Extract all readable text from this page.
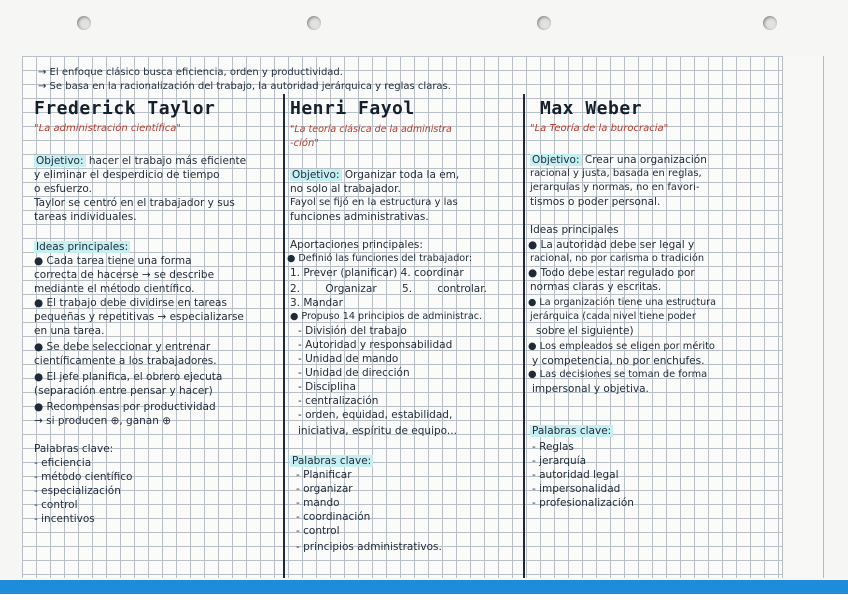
→ El enfoque clásico busca eficiencia, orden y productividad.
→ Se basa en la racionalización del trabajo, la autoridad jerárquica y reglas claras.
Frederick Taylor
"La administración científica"
Objetivo: hacer el trabajo más eficiente
y eliminar el desperdicio de tiempo
o esfuerzo.
Taylor se centró en el trabajador y sus
tareas individuales.
Ideas principales:
● Cada tarea tiene una forma
correcta de hacerse → se describe
mediante el método científico.
● El trabajo debe dividirse en tareas
pequeñas y repetitivas → especializarse
en una tarea.
● Se debe seleccionar y entrenar
científicamente a los trabajadores.
● El jefe planifica, el obrero ejecuta
(separación entre pensar y hacer)
● Recompensas por productividad
→ si producen ⊕, ganan ⊕
Palabras clave:
- eficiencia
- método científico
- especialización
- control
- incentivos
Henri Fayol
"La teoría clásica de la administra
-ción"
Objetivo: Organizar toda la em,
no solo al trabajador.
Fayol se fijó en la estructura y las
funciones administrativas.
Aportaciones principales:
● Definió las funciones del trabajador:
1. Prever (planificar) 4. coordinar
2. Organizar 5. controlar.
3. Mandar
● Propuso 14 principios de administrac.
- División del trabajo
- Autoridad y responsabilidad
- Unidad de mando
- Unidad de dirección
- Disciplina
- centralización
- orden, equidad, estabilidad,
iniciativa, espíritu de equipo...
Palabras clave:
- Planificar
- organizar
- mando
- coordinación
- control
- principios administrativos.
Max Weber
"La Teoría de la burocracia"
Objetivo: Crear una organización
racional y justa, basada en reglas,
jerarquías y normas, no en favori-
tismos o poder personal.
Ideas principales
● La autoridad debe ser legal y
racional, no por carisma o tradición
● Todo debe estar regulado por
normas claras y escritas.
● La organización tiene una estructura
jerárquica (cada nivel tiene poder
sobre el siguiente)
● Los empleados se eligen por mérito
y competencia, no por enchufes.
● Las decisiones se toman de forma
impersonal y objetiva.
Palabras clave:
- Reglas
- jerarquía
- autoridad legal
- impersonalidad
- profesionalización
